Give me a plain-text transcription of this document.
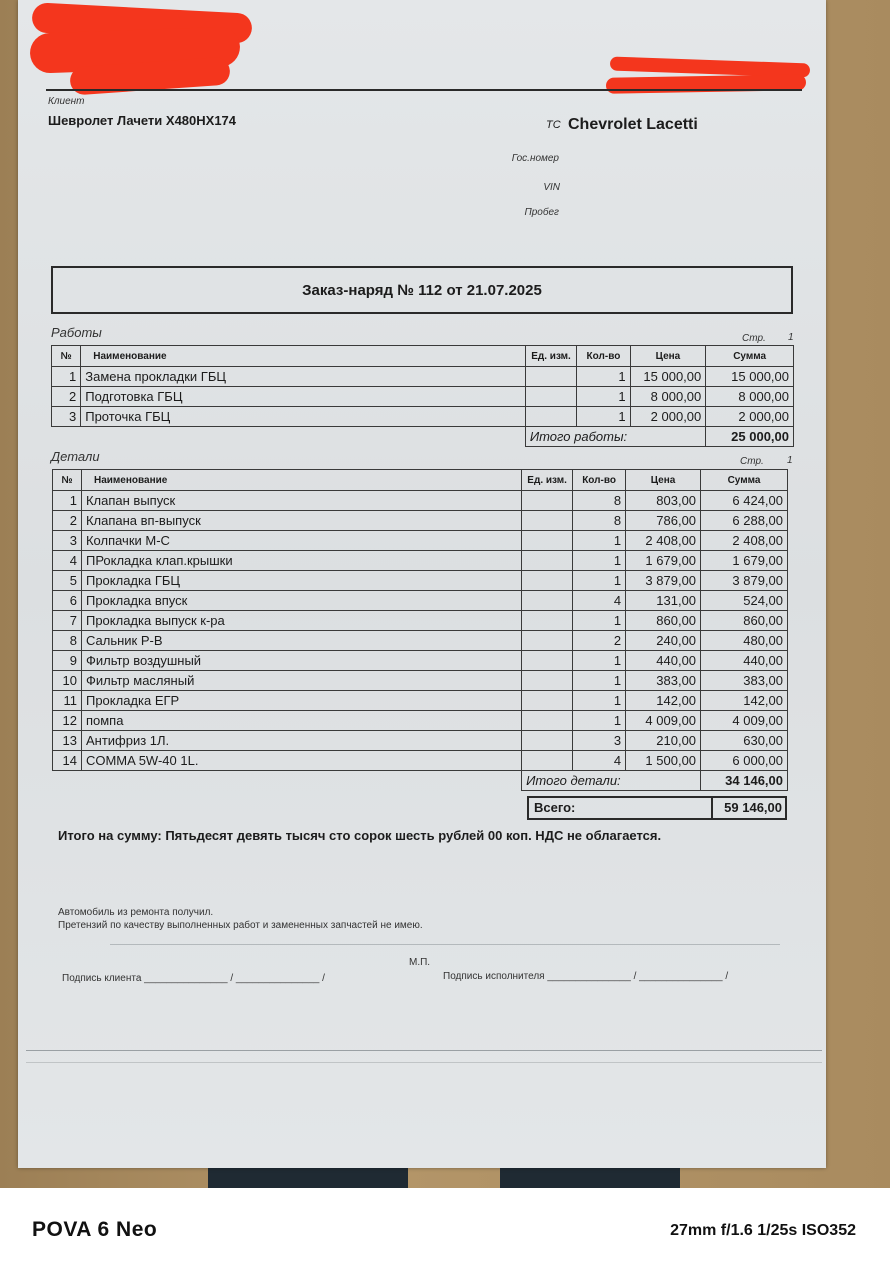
Клиент
Шевролет Лачети Х480НХ174	ТС Chevrolet Lacetti
Гос.номер
VIN
Пробег
Заказ-наряд № 112 от 21.07.2025
Работы	Стр. 1
№	Наименование	Ед. изм.	Кол-во	Цена	Сумма
1	Замена прокладки ГБЦ		1	15 000,00	15 000,00
2	Подготовка ГБЦ		1	8 000,00	8 000,00
3	Проточка ГБЦ		1	2 000,00	2 000,00
		Итого работы:			25 000,00
Детали	Стр. 1
№	Наименование	Ед. изм.	Кол-во	Цена	Сумма
1	Клапан выпуск		8	803,00	6 424,00
2	Клапана вп-выпуск		8	786,00	6 288,00
3	Колпачки М-С		1	2 408,00	2 408,00
4	ПРокладка клап.крышки		1	1 679,00	1 679,00
5	Прокладка ГБЦ		1	3 879,00	3 879,00
6	Прокладка впуск		4	131,00	524,00
7	Прокладка выпуск к-ра		1	860,00	860,00
8	Сальник Р-В		2	240,00	480,00
9	Фильтр воздушный		1	440,00	440,00
10	Фильтр масляный		1	383,00	383,00
11	Прокладка ЕГР		1	142,00	142,00
12	помпа		1	4 009,00	4 009,00
13	Антифриз 1Л.		3	210,00	630,00
14	COMMA 5W-40 1L.		4	1 500,00	6 000,00
		Итого детали:			34 146,00
Всего:	59 146,00
Итого на сумму: Пятьдесят девять тысяч сто сорок шесть рублей 00 коп. НДС не облагается.
Автомобиль из ремонта получил.
Претензий по качеству выполненных работ и замененных запчастей не имею.
М.П.
Подпись клиента _______________ / _______________ /	Подпись исполнителя _______________ / _______________ /
POVA 6 Neo	27mm f/1.6 1/25s ISO352
